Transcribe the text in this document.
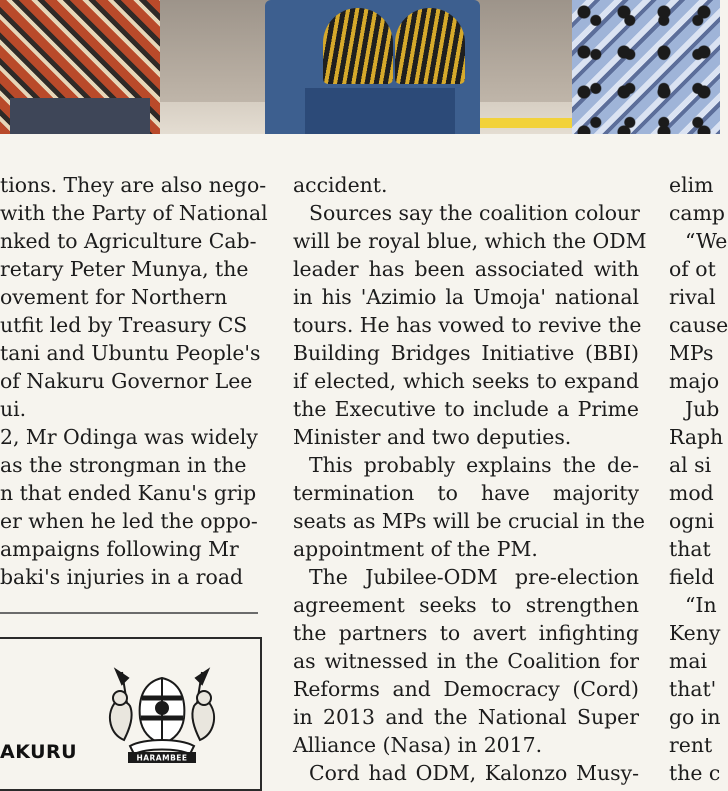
tions. They are also nego-
with the Party of National
nked to Agriculture Cab-
retary Peter Munya, the
ovement for Northern
utfit led by Treasury CS
tani and Ubuntu People's
of Nakuru Governor Lee
ui.
2, Mr Odinga was widely
as the strongman in the
n that ended Kanu's grip
er when he led the oppo-
ampaigns following Mr
baki's injuries in a road
AKURU	HARAMBEE
accident.
Sources say the coalition colour
will be royal blue, which the ODM
leader has been associated with
in his 'Azimio la Umoja' national
tours. He has vowed to revive the
Building Bridges Initiative (BBI)
if elected, which seeks to expand
the Executive to include a Prime
Minister and two deputies.
This probably explains the de-
termination to have majority
seats as MPs will be crucial in the
appointment of the PM.
The Jubilee-ODM pre-election
agreement seeks to strengthen
the partners to avert infighting
as witnessed in the Coalition for
Reforms and Democracy (Cord)
in 2013 and the National Super
Alliance (Nasa) in 2017.
Cord had ODM, Kalonzo Musy-
elim
camp
“We
of ot
rival
cause
MPs
majo
Jub
Raph
al si
mod
ogni
that
field
“In
Keny
mai
that'
go in
rent
the c
